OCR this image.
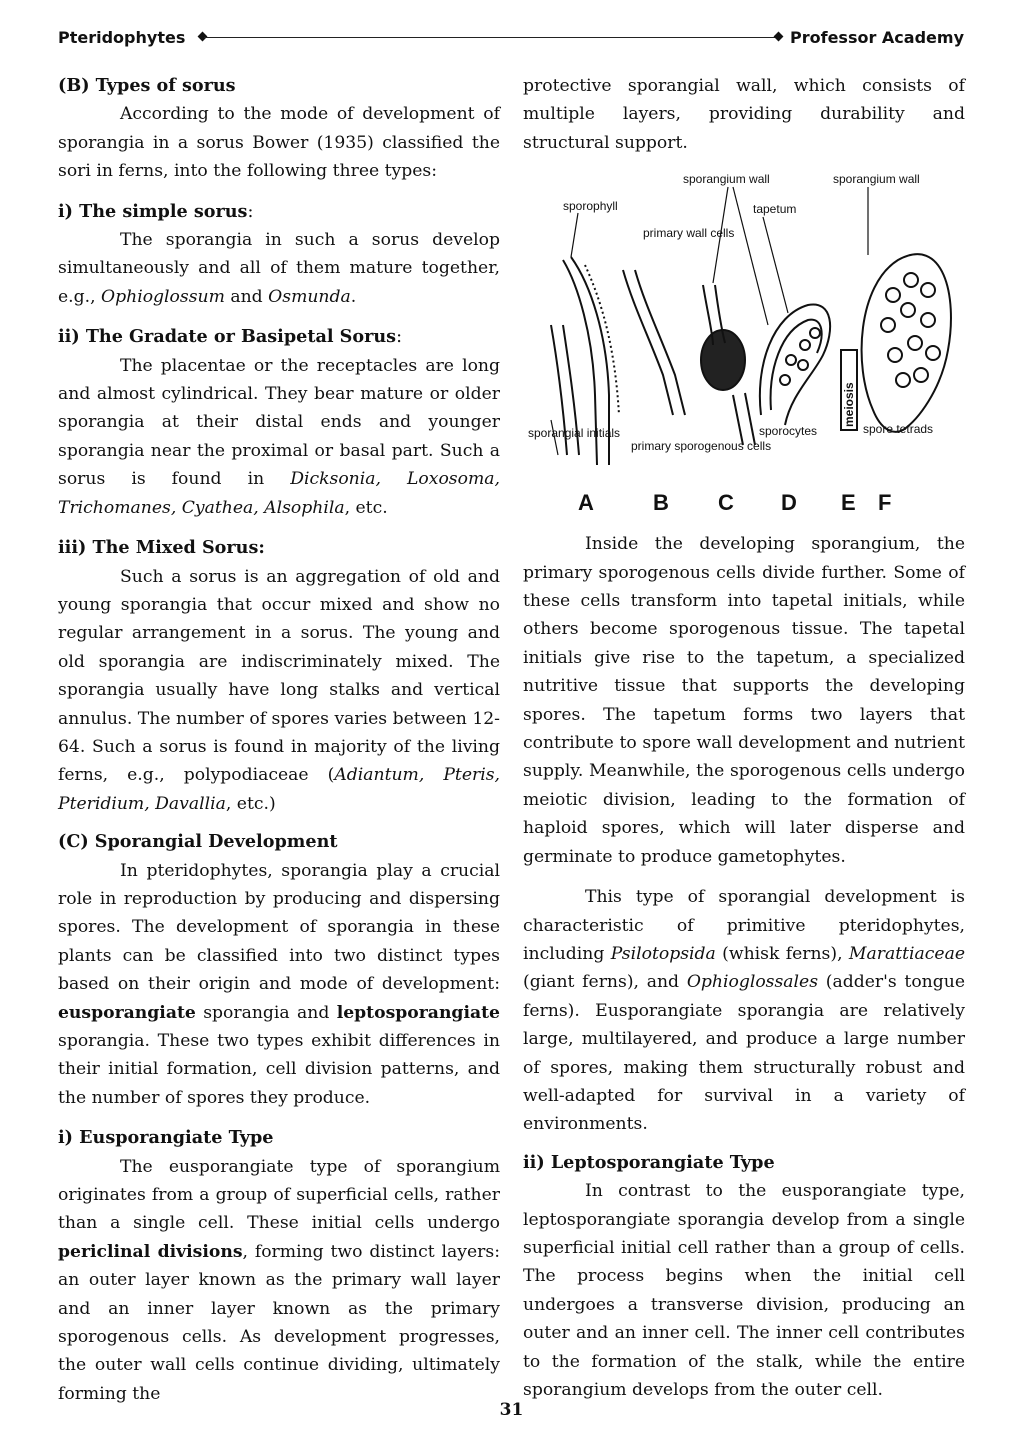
Pteridophytes	Professor Academy
(B) Types of sorus

According to the mode of development of sporangia in a sorus Bower (1935) classified the sori in ferns, into the following three types:

i) The simple sorus:

The sporangia in such a sorus develop simultaneously and all of them mature together, e.g., Ophioglossum and Osmunda.

ii) The Gradate or Basipetal Sorus:

The placentae or the receptacles are long and almost cylindrical. They bear mature or older sporangia at their distal ends and younger sporangia near the proximal or basal part. Such a sorus is found in Dicksonia, Loxosoma, Trichomanes, Cyathea, Alsophila, etc.

iii) The Mixed Sorus:

Such a sorus is an aggregation of old and young sporangia that occur mixed and show no regular arrangement in a sorus. The young and old sporangia are indiscriminately mixed. The sporangia usually have long stalks and vertical annulus. The number of spores varies between 12-64. Such a sorus is found in majority of the living ferns, e.g., polypodiaceae (Adiantum, Pteris, Pteridium, Davallia, etc.)

(C) Sporangial Development

In pteridophytes, sporangia play a crucial role in reproduction by producing and dispersing spores. The development of sporangia in these plants can be classified into two distinct types based on their origin and mode of development: eusporangiate sporangia and leptosporangiate sporangia. These two types exhibit differences in their initial formation, cell division patterns, and the number of spores they produce.

i) Eusporangiate Type

The eusporangiate type of sporangium originates from a group of superficial cells, rather than a single cell. These initial cells undergo periclinal divisions, forming two distinct layers: an outer layer known as the primary wall layer and an inner layer known as the primary sporogenous cells. As development progresses, the outer wall cells continue dividing, ultimately forming the

protective sporangial wall, which consists of multiple layers, providing durability and structural support.

sporangium wall	sporangium wall
sporophyll	tapetum
primary wall cells
sporangial initials
primary sporogenous cells
sporocytes	spore tetrads
meiosis
A	B C D E F

Inside the developing sporangium, the primary sporogenous cells divide further. Some of these cells transform into tapetal initials, while others become sporogenous tissue. The tapetal initials give rise to the tapetum, a specialized nutritive tissue that supports the developing spores. The tapetum forms two layers that contribute to spore wall development and nutrient supply. Meanwhile, the sporogenous cells undergo meiotic division, leading to the formation of haploid spores, which will later disperse and germinate to produce gametophytes.

This type of sporangial development is characteristic of primitive pteridophytes, including Psilotopsida (whisk ferns), Marattiaceae (giant ferns), and Ophioglossales (adder's tongue ferns). Eusporangiate sporangia are relatively large, multilayered, and produce a large number of spores, making them structurally robust and well-adapted for survival in a variety of environments.

ii) Leptosporangiate Type

In contrast to the eusporangiate type, leptosporangiate sporangia develop from a single superficial initial cell rather than a group of cells. The process begins when the initial cell undergoes a transverse division, producing an outer and an inner cell. The inner cell contributes to the formation of the stalk, while the entire sporangium develops from the outer cell.

31
